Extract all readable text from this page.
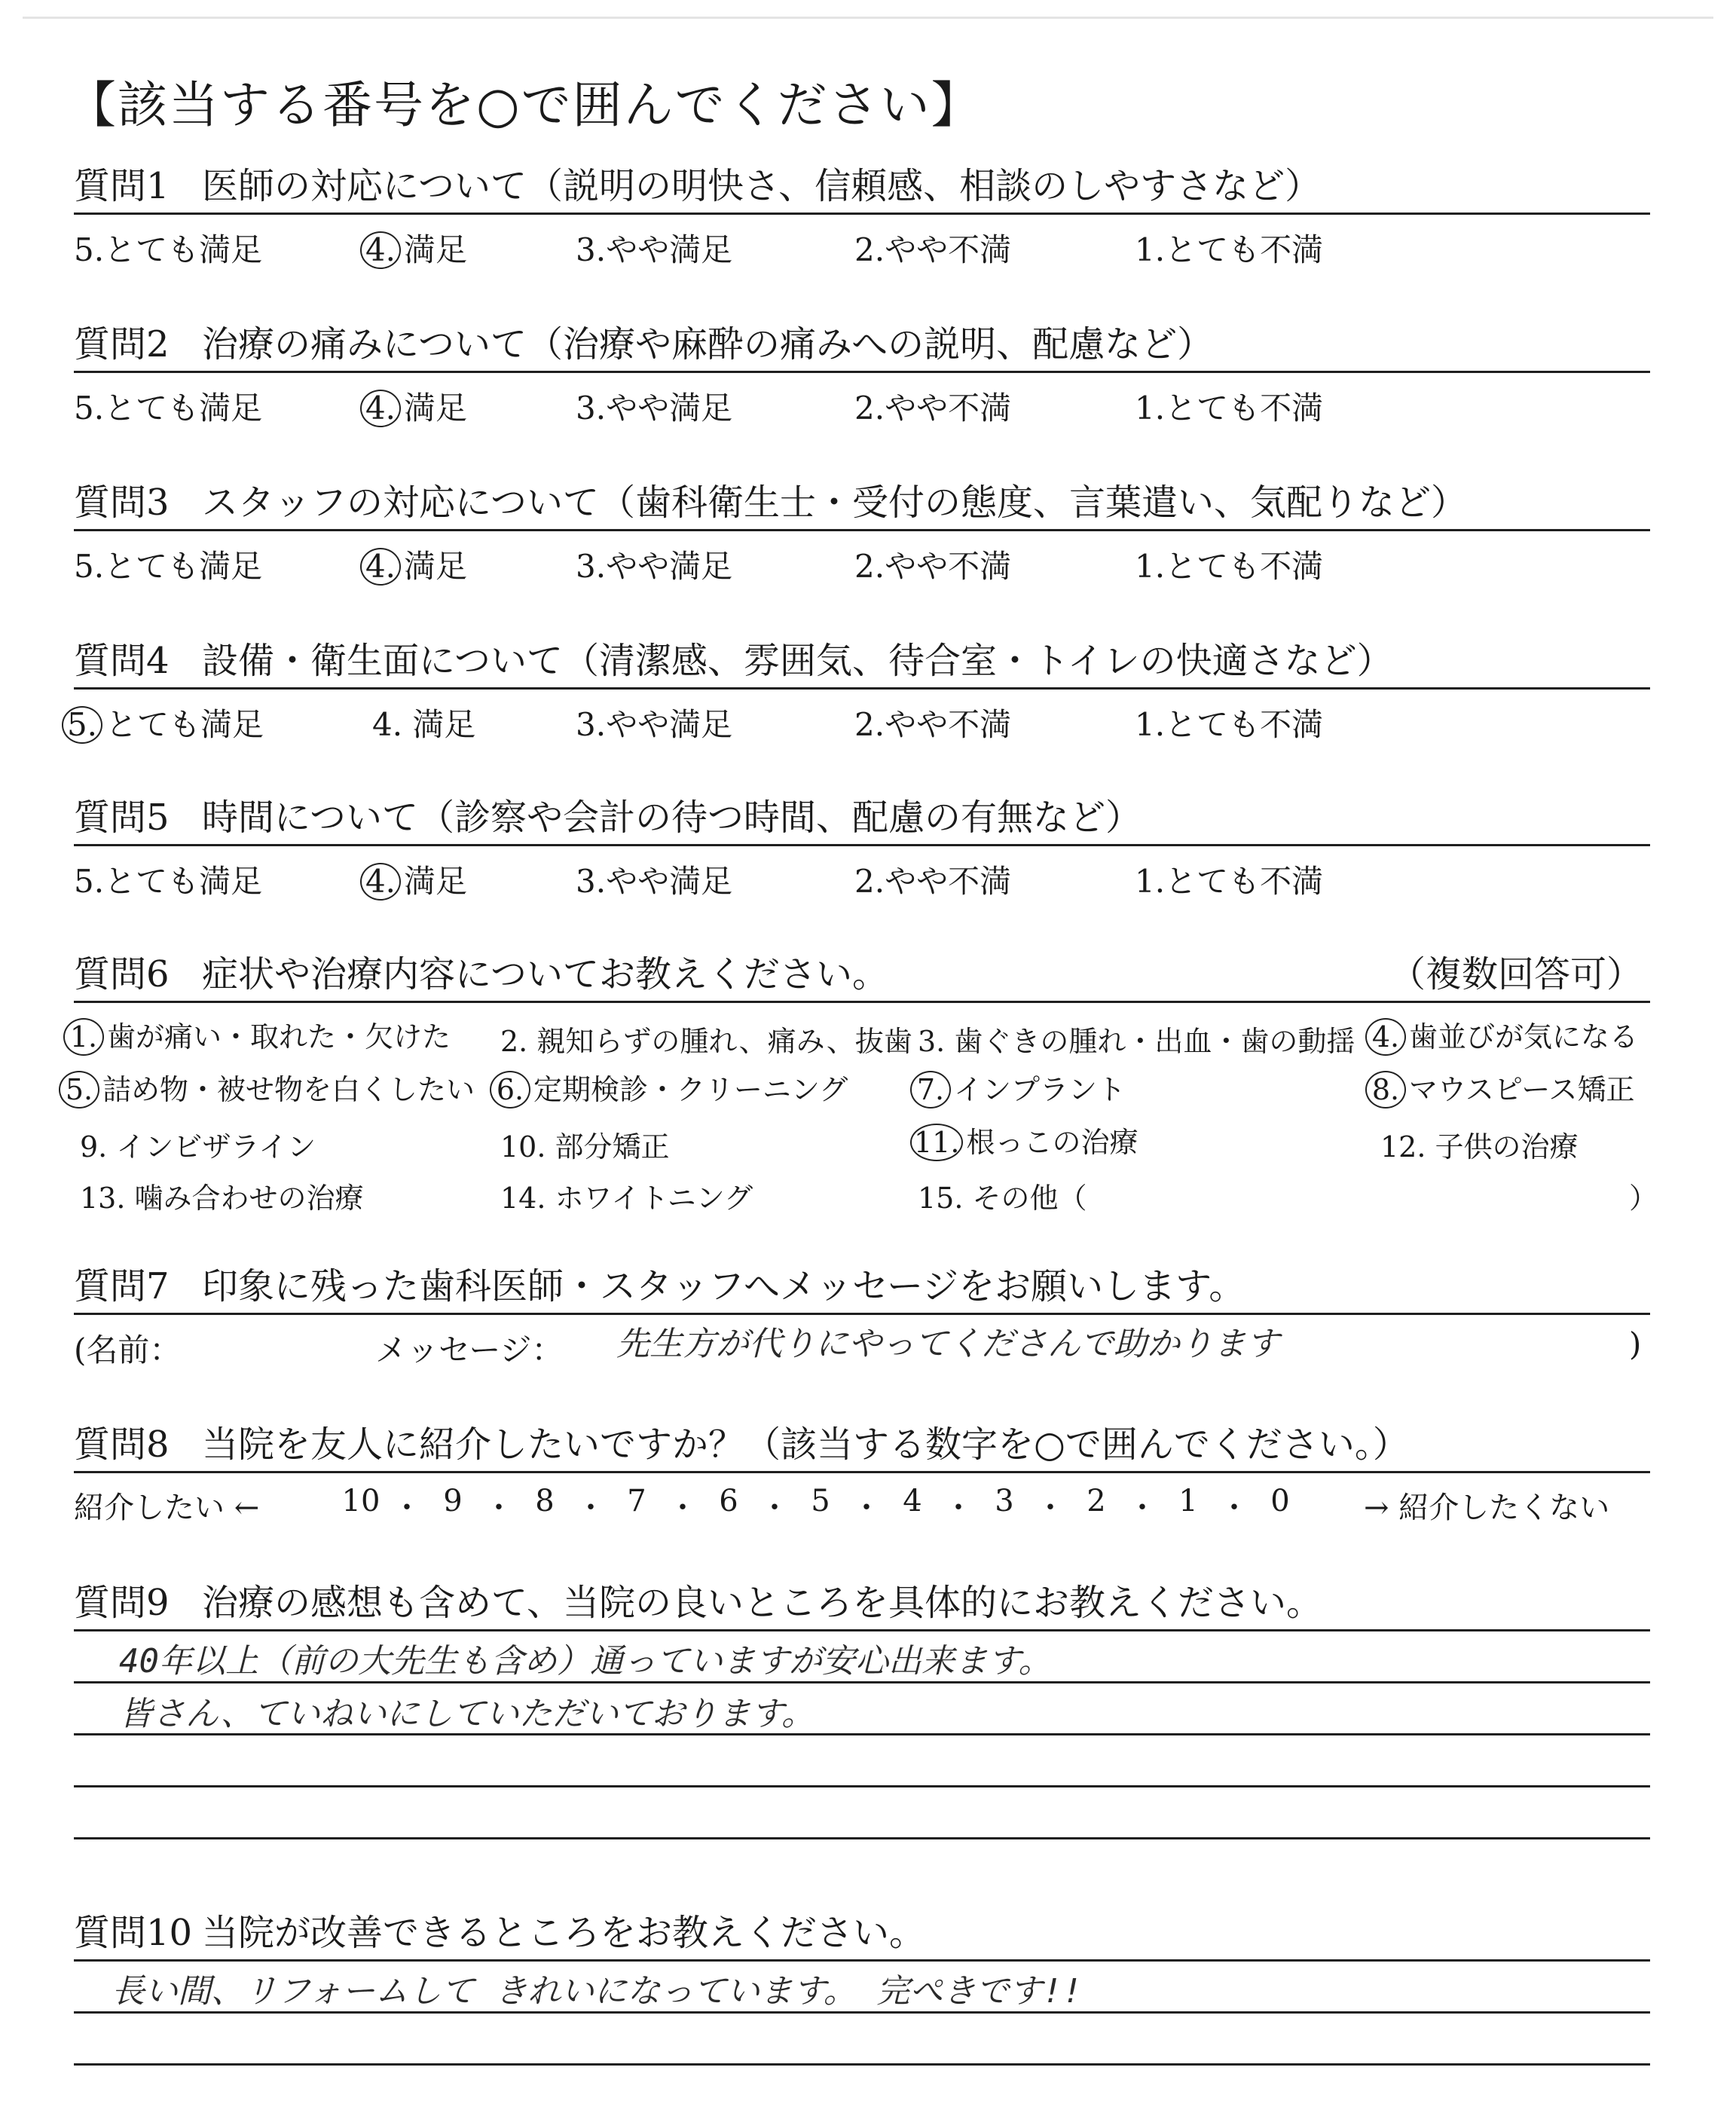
【該当する番号を○で囲んでください】
質問1 医師の対応について（説明の明快さ、信頼感、相談のしやすさなど）
5.とても満足	4. 満足	3.やや満足	2.やや不満	1.とても不満
質問2 治療の痛みについて（治療や麻酔の痛みへの説明、配慮など）
5.とても満足	4. 満足	3.やや満足	2.やや不満	1.とても不満
質問3 スタッフの対応について（歯科衛生士・受付の態度、言葉遣い、気配りなど）
5.とても満足	4. 満足	3.やや満足	2.やや不満	1.とても不満
質問4 設備・衛生面について（清潔感、雰囲気、待合室・トイレの快適さなど）
5. とても満足	4. 満足	3.やや満足	2.やや不満	1.とても不満
質問5 時間について（診察や会計の待つ時間、配慮の有無など）
5.とても満足	4. 満足	3.やや満足	2.やや不満	1.とても不満
質問6 症状や治療内容についてお教えください。	（複数回答可）
1. 歯が痛い・取れた・欠けた 2. 親知らずの腫れ、痛み、抜歯 3. 歯ぐきの腫れ・出血・歯の動揺 4. 歯並びが気になる
5. 詰め物・被せ物を白くしたい 6. 定期検診・クリーニング 7. インプラント	8. マウスピース矯正
9. インビザライン	10. 部分矯正	11. 根っこの治療	12. 子供の治療
13. 噛み合わせの治療	14. ホワイトニング	15. その他（	）
質問7 印象に残った歯科医師・スタッフへメッセージをお願いします。
(名前：	メッセージ： 先生方が代りにやってくださんで助かります	)
質問8 当院を友人に紹介したいですか？（該当する数字を○で囲んでください。）
紹介したい ←	10 ・ 9 ・ 8 ・ 7 ・ 6 ・ 5 ・ 4 ・ 3 ・ 2 ・ 1 ・ 0	→ 紹介したくない
質問9 治療の感想も含めて、当院の良いところを具体的にお教えください。
40年以上（前の大先生も含め）通っていますが安心出来ます。
皆さん、ていねいにしていただいております。
質問10 当院が改善できるところをお教えください。
長い間、リフォームして きれいになっています。 完ぺきです!!
